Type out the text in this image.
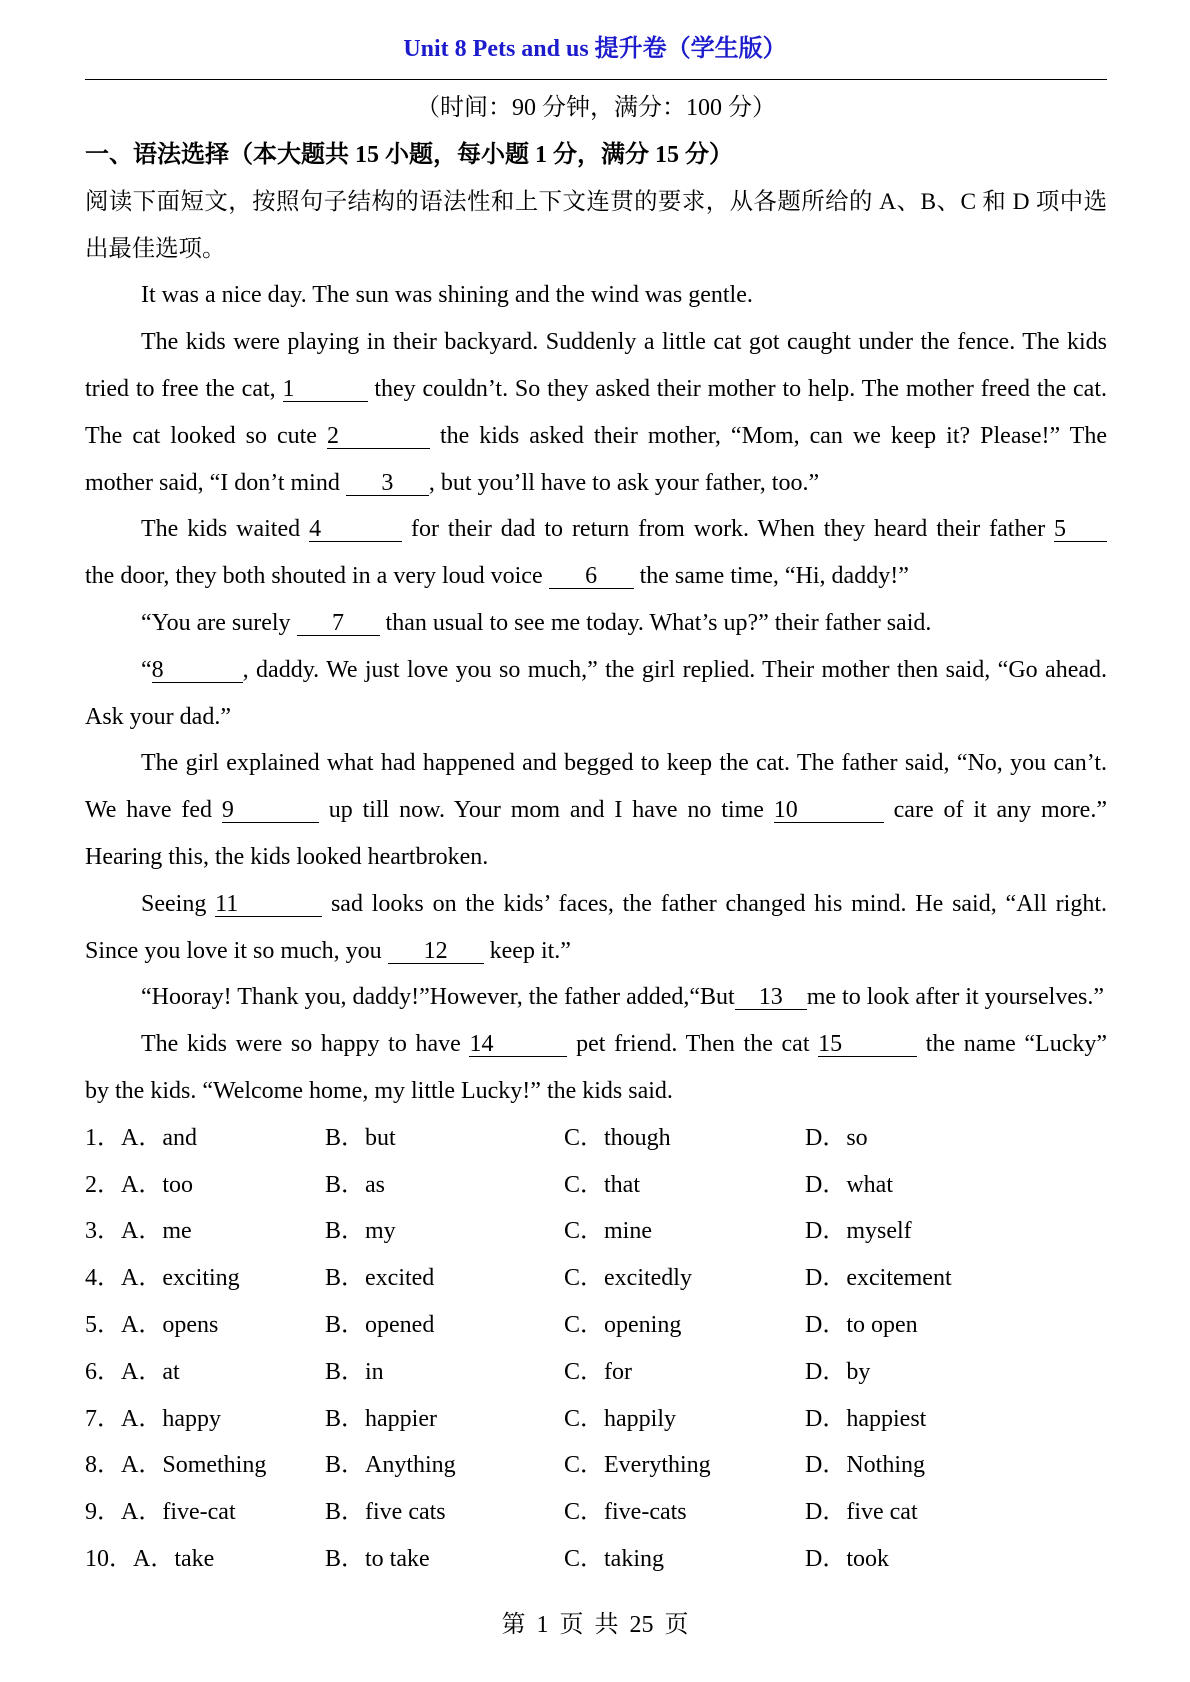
Unit 8 Pets and us 提升卷（学生版）
（时间：90 分钟，满分：100 分）
一、语法选择（本大题共 15 小题，每小题 1 分，满分 15 分）
阅读下面短文，按照句子结构的语法性和上下文连贯的要求，从各题所给的 A、B、C 和 D 项中选
出最佳选项。
It was a nice day. The sun was shining and the wind was gentle.
The kids were playing in their backyard. Suddenly a little cat got caught under the fence. The kids
tried to free the cat, 1	they couldn’t. So they asked their mother to help. The mother freed the cat.
The cat looked so cute 2	the kids asked their mother, “Mom, can we keep it? Please!” The
mother said, “I don’t mind 3 , but you’ll have to ask your father, too.”
The kids waited 4	for their dad to return from work. When they heard their father 5
the door, they both shouted in a very loud voice 6 the same time, “Hi, daddy!”
“You are surely 7 than usual to see me today. What’s up?” their father said.
“8	, daddy. We just love you so much,” the girl replied. Their mother then said, “Go ahead.
Ask your dad.”
The girl explained what had happened and begged to keep the cat. The father said, “No, you can’t.
We have fed 9	up till now. Your mom and I have no time 10	care of it any more.”
Hearing this, the kids looked heartbroken.
Seeing 11	sad looks on the kids’ faces, the father changed his mind. He said, “All right.
Since you love it so much, you 12 keep it.”
“Hooray! Thank you, daddy!”However, the father added,“But 13 me to look after it yourselves.”
The kids were so happy to have 14	pet friend. Then the cat 15	the name “Lucky”
by the kids. “Welcome home, my little Lucky!” the kids said.
1．A．and	B．but	C．though	D．so
2．A．too	B．as	C．that	D．what
3．A．me	B．my	C．mine	D．myself
4．A．exciting	B．excited	C．excitedly	D．excitement
5．A．opens	B．opened	C．opening	D．to open
6．A．at	B．in	C．for	D．by
7．A．happy	B．happier	C．happily	D．happiest
8．A．Something B．Anything	C．Everything	D．Nothing
9．A．five-cat	B．five cats	C．five-cats	D．five cat
10．A．take	B．to take	C．taking	D．took
第 1 页 共 25 页
